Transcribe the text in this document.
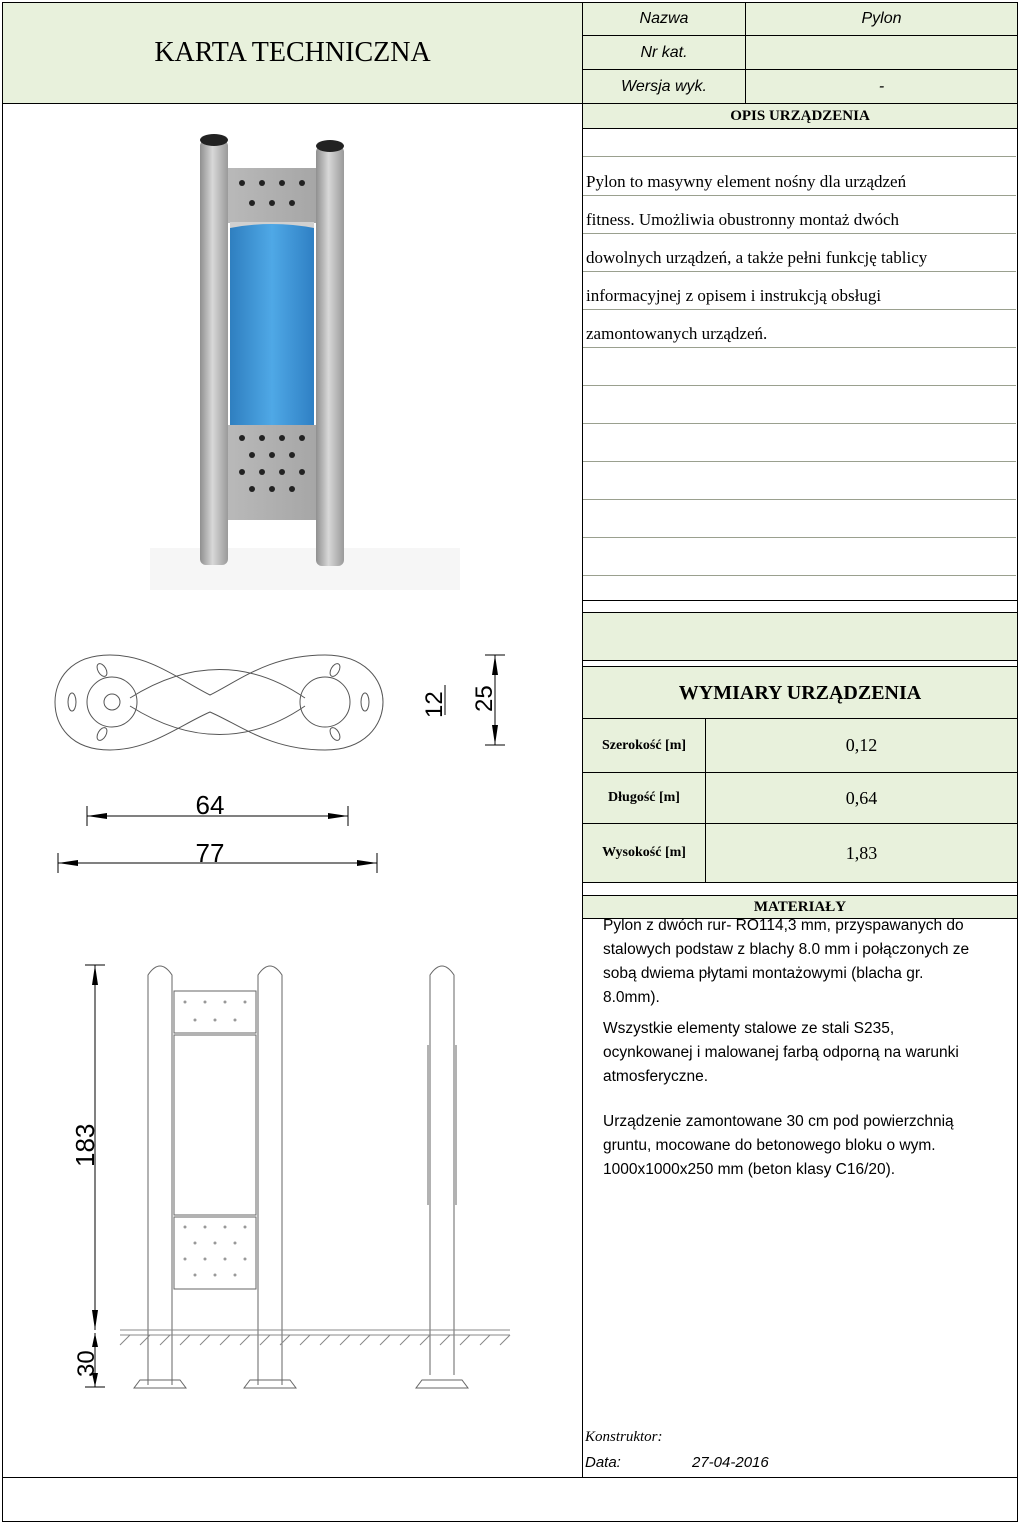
KARTA TECHNICZNA
Nazwa	Pylon
Nr kat.
Wersja wyk.	-
OPIS URZĄDZENIA
Pylon to masywny element nośny dla urządzeń
fitness. Umożliwia obustronny montaż dwóch
dowolnych urządzeń, a także pełni funkcję tablicy
informacyjnej z opisem i instrukcją obsługi
zamontowanych urządzeń.
WYMIARY URZĄDZENIA
Szerokość [m]	0,12
Długość [m]	0,64
Wysokość [m]	1,83
MATERIAŁY
Pylon z dwóch rur- RO114,3 mm, przyspawanych do
stalowych podstaw z blachy 8.0 mm i połączonych ze
sobą dwiema płytami montażowymi (blacha gr.
8.0mm).
Wszystkie elementy stalowe ze stali S235,
ocynkowanej i malowanej farbą odporną na warunki
atmosferyczne.
Urządzenie zamontowane 30 cm pod powierzchnią
gruntu, mocowane do betonowego bloku o wym.
1000x1000x250 mm (beton klasy C16/20).
Konstruktor:
Data:	27-04-2016
64
77
12 25
183
30
